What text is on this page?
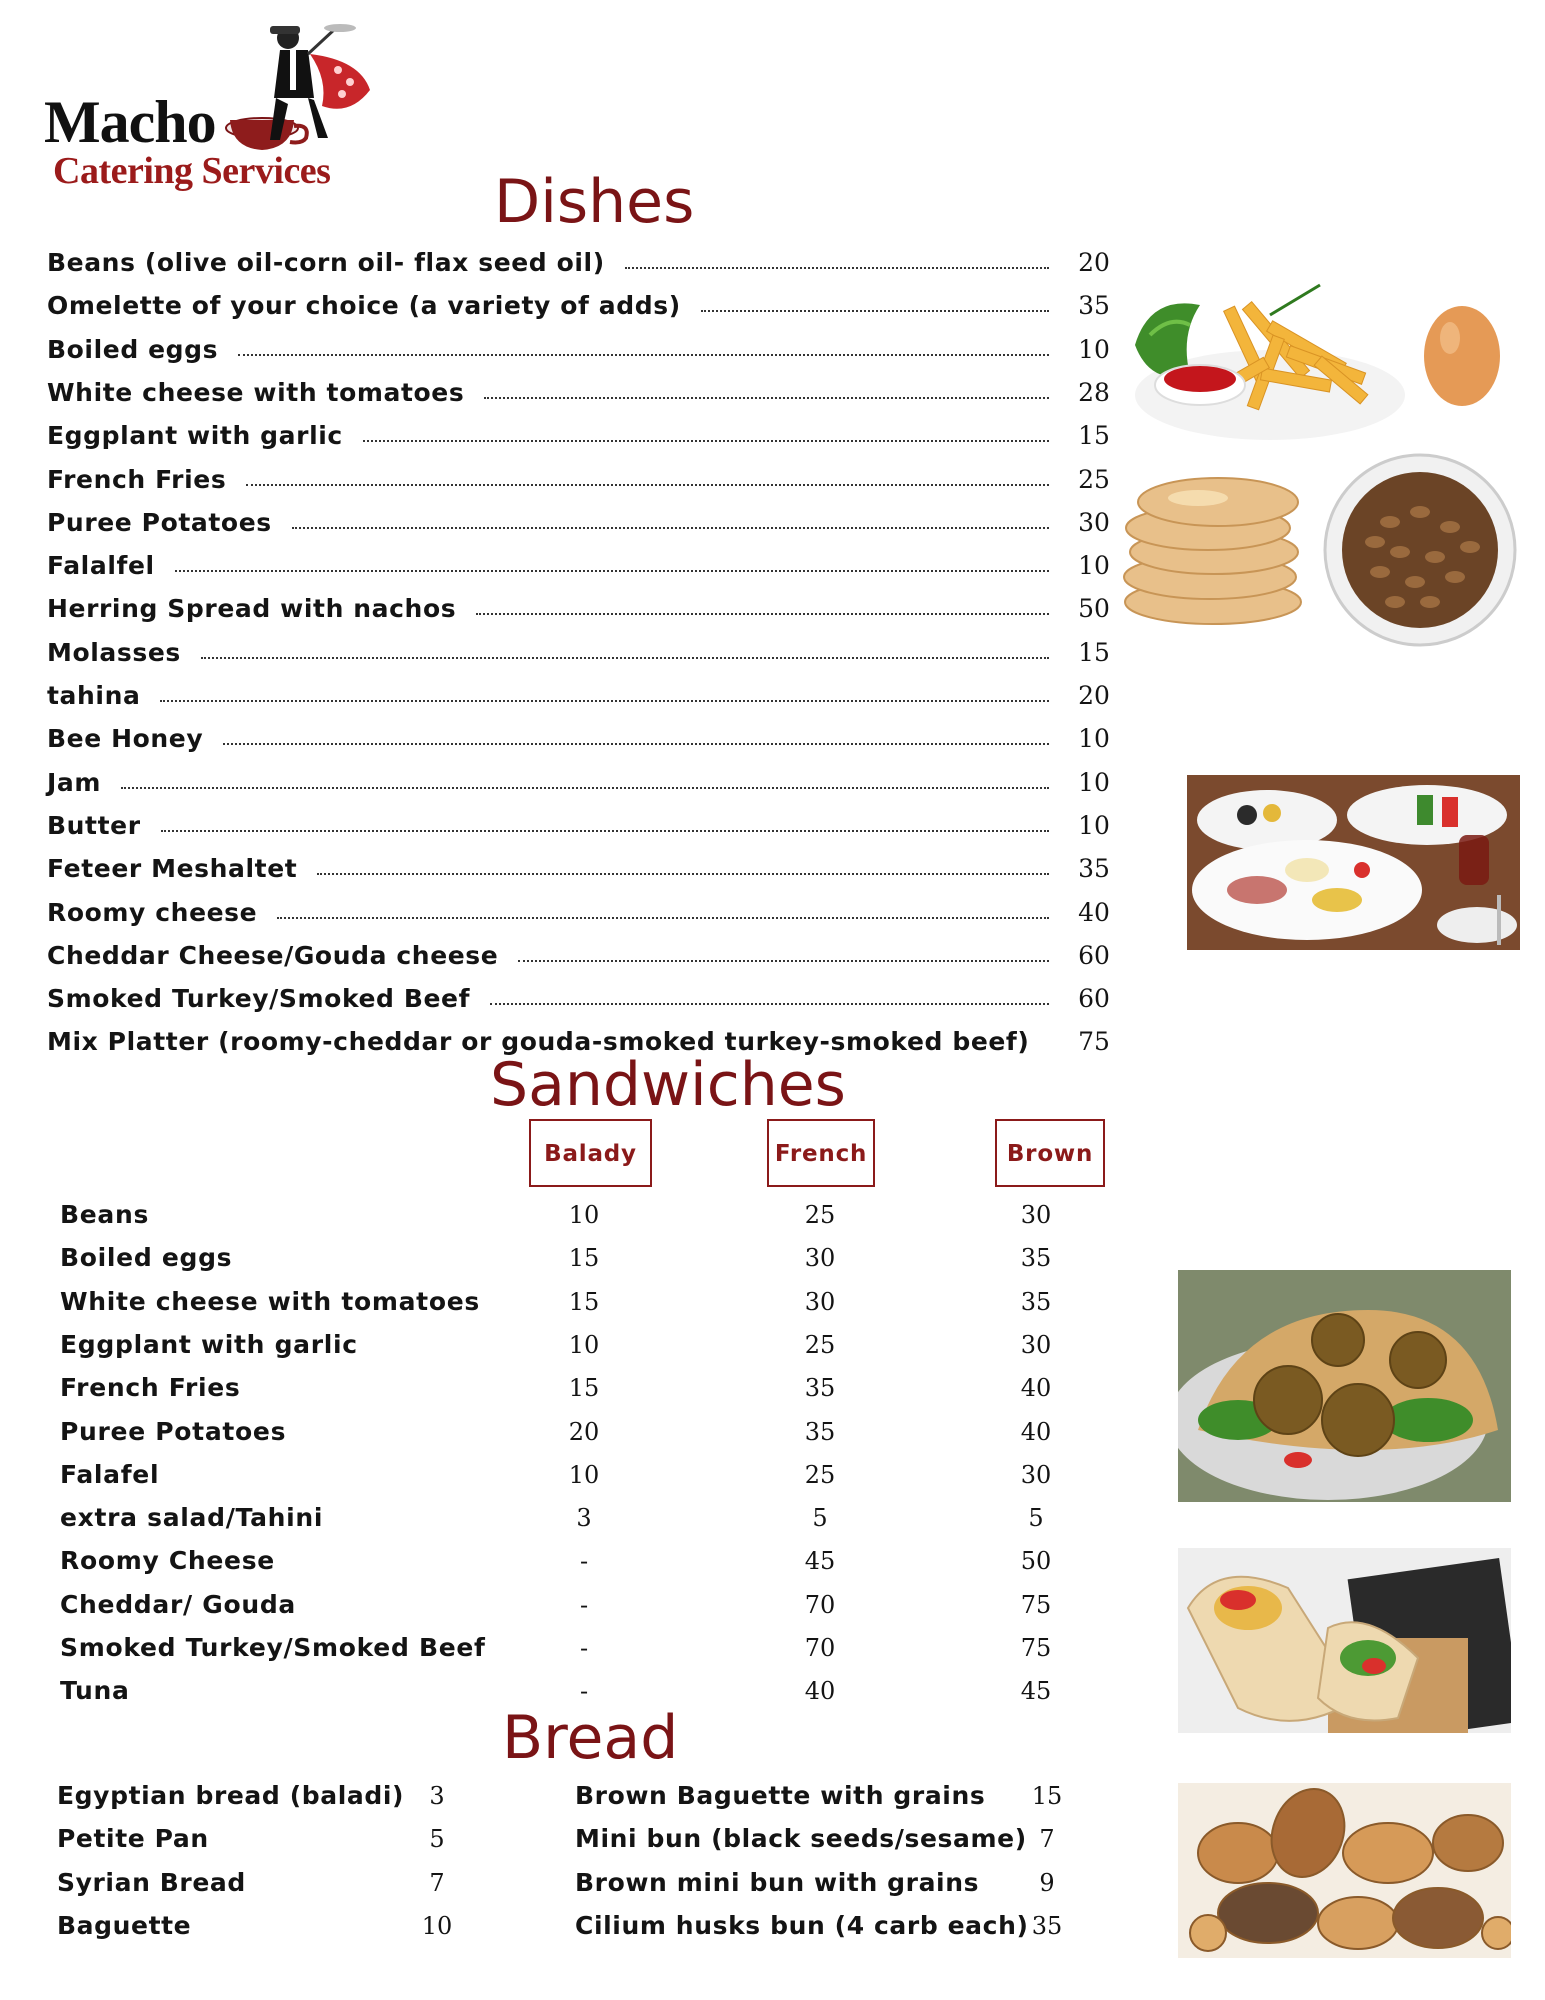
Macho
Catering Services	Dishes
Beans (olive oil-corn oil- flax seed oil)	20
Omelette of your choice (a variety of adds)	35
Boiled eggs	10
White cheese with tomatoes	28
Eggplant with garlic	15
French Fries	25
Puree Potatoes	30
Falalfel	10
Herring Spread with nachos	50
Molasses	15
tahina	20
Bee Honey	10
Jam	10
Butter	10
Feteer Meshaltet	35
Roomy cheese	40
Cheddar Cheese/Gouda cheese	60
Smoked Turkey/Smoked Beef	60
Mix Platter (roomy-cheddar or gouda-smoked turkey-smoked beef)	75
Sandwiches
Balady	French	Brown
Beans	10	25	30
Boiled eggs	15	30	35
White cheese with tomatoes	15	30	35
Eggplant with garlic	10	25	30
French Fries	15	35	40
Puree Potatoes	20	35	40
Falafel	10	25	30
extra salad/Tahini	3	5	5
Roomy Cheese	-	45	50
Cheddar/ Gouda	-	70	75
Smoked Turkey/Smoked Beef	-	70	75
Tuna	-	40	45
Bread
Egyptian bread (baladi)	3
Petite Pan	5
Syrian Bread	7
Baguette	10
Brown Baguette with grains	15
Mini bun (black seeds/sesame) 7
Brown mini bun with grains	9
Cilium husks bun (4 carb each) 35
